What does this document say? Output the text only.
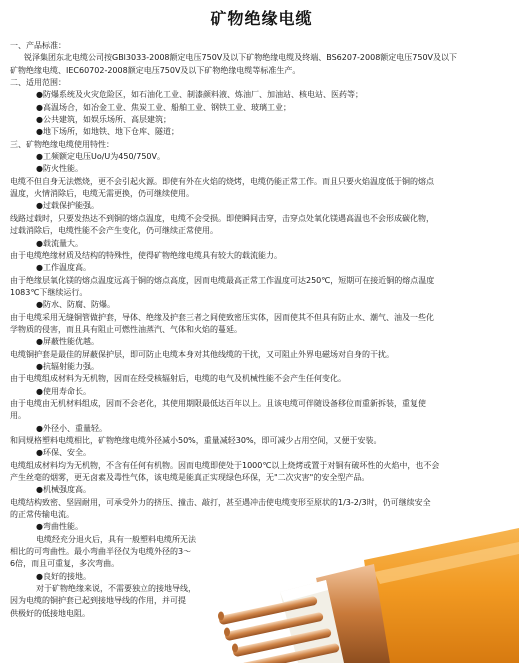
矿物绝缘电缆

一、产品标准：

锐泽集团东北电缆公司按GBl3033-2008额定电压750V及以下矿物绝缘电缆及终端、BS6207-2008额定电压750V及以下

矿物绝缘电缆、IEC60702-2008额定电压750V及以下矿物绝缘电缆等标准生产。

二、适用范围：

●防爆系统及火灾危险区，如石油化工业、制漆颜料液、炼油厂、加油站、核电站、医药等；

●高温场合，如冶金工业、焦炭工业、船舶工业、钢铁工业、玻璃工业；

●公共建筑，如娱乐场所、高层建筑；

●地下场所，如地铁、地下仓库、隧道；

三、矿物绝缘电缆使用特性：

●工频额定电压Uo/U为450/750V。

●防火性能。

电缆不但自身无法燃烧，更不会引起火源。即使有外在火焰的烧烤，电缆仍能正常工作。而且只要火焰温度低于铜的熔点

温度，火情消除后，电缆无需更换，仍可继续使用。

●过载保护能强。

线路过载时，只要发热达不到铜的熔点温度，电缆不会受损。即使瞬间击穿，击穿点处氧化镁遇高温也不会形成碳化物，

过载消除后，电缆性能不会产生变化，仍可继续正常使用。

●载流量大。

由于电缆绝缘材质及结构的特殊性，使得矿物绝缘电缆具有较大的载流能力。

●工作温度高。

由于绝缘层氧化镁的熔点温度远高于铜的熔点高度，因而电缆最高正常工作温度可达250℃，短期可在接近铜的熔点温度

1083℃下继续运行。

●防水、防腐、防爆。

由于电缆采用无缝铜管做护套，导体、绝缘及护套三者之间使致密压实体，因而使其不但具有防止水、潮气、油及一些化

学物质的侵害，而且具有阻止可燃性油蒸汽、气体和火焰的蔓延。

●屏蔽性能优越。

电缆铜护套是最佳的屏蔽保护层，即可防止电缆本身对其他线缆的干扰，又可阻止外界电磁场对自身的干扰。

●抗辐射能力强。

由于电缆组成材料为无机物，因而在经受核辐射后，电缆的电气及机械性能不会产生任何变化。

●使用寿命长。

由于电缆由无机材料组成，因而不会老化，其使用期限最低达百年以上。且该电缆可伴随设备移位而重新拆装，重复使

用。

●外径小、重量轻。

和同规格塑料电缆相比，矿物绝缘电缆外径减小50%，重量减轻30%，即可减少占用空间，又便于安装。

●环保、安全。

电缆组成材料均为无机物，不含有任何有机物。因而电缆即使处于1000℃以上烧烤或置于对铜有破坏性的火焰中，也不会

产生丝毫的烟雾，更无卤素及毒性气体，该电缆是能真正实现绿色环保，无"二次灾害"的安全型产品。

●机械强度高。

电缆结构致密、坚固耐用，可承受外力的挤压、撞击、敲打，甚至遇冲击使电缆变形至原状的1/3-2/3时，仍可继续安全

的正常传输电流。

●弯曲性能。

电缆经充分退火后，具有一般塑料电缆所无法

相比的可弯曲性。最小弯曲半径仅为电缆外径的3～

6倍，而且可重复，多次弯曲。

●良好的接地。

对于矿物绝缘来说，不需要独立的接地导线，

因为电缆的铜护套已起到接地导线的作用，并可提

供极好的低接地电阻。
